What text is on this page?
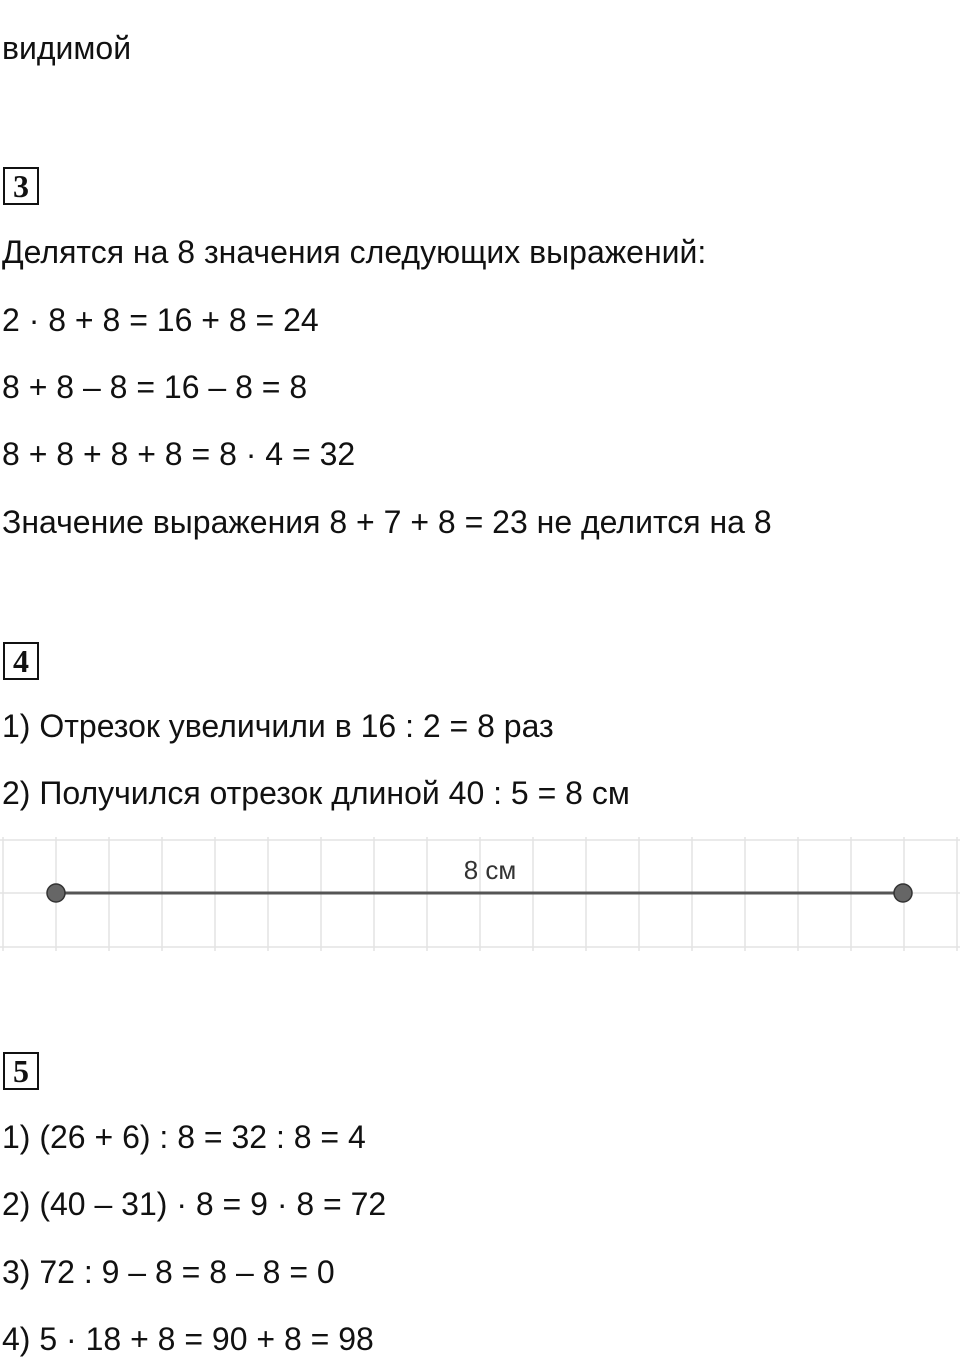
видимой
3
Делятся на 8 значения следующих выражений:
2 · 8 + 8 = 16 + 8 = 24
8 + 8 – 8 = 16 – 8 = 8
8 + 8 + 8 + 8 = 8 · 4 = 32
Значение выражения 8 + 7 + 8 = 23 не делится на 8
4
1) Отрезок увеличили в 16 : 2 = 8 раз
2) Получился отрезок длиной 40 : 5 = 8 см
8 см
5
1) (26 + 6) : 8 = 32 : 8 = 4
2) (40 – 31) · 8 = 9 · 8 = 72
3) 72 : 9 – 8 = 8 – 8 = 0
4) 5 · 18 + 8 = 90 + 8 = 98
